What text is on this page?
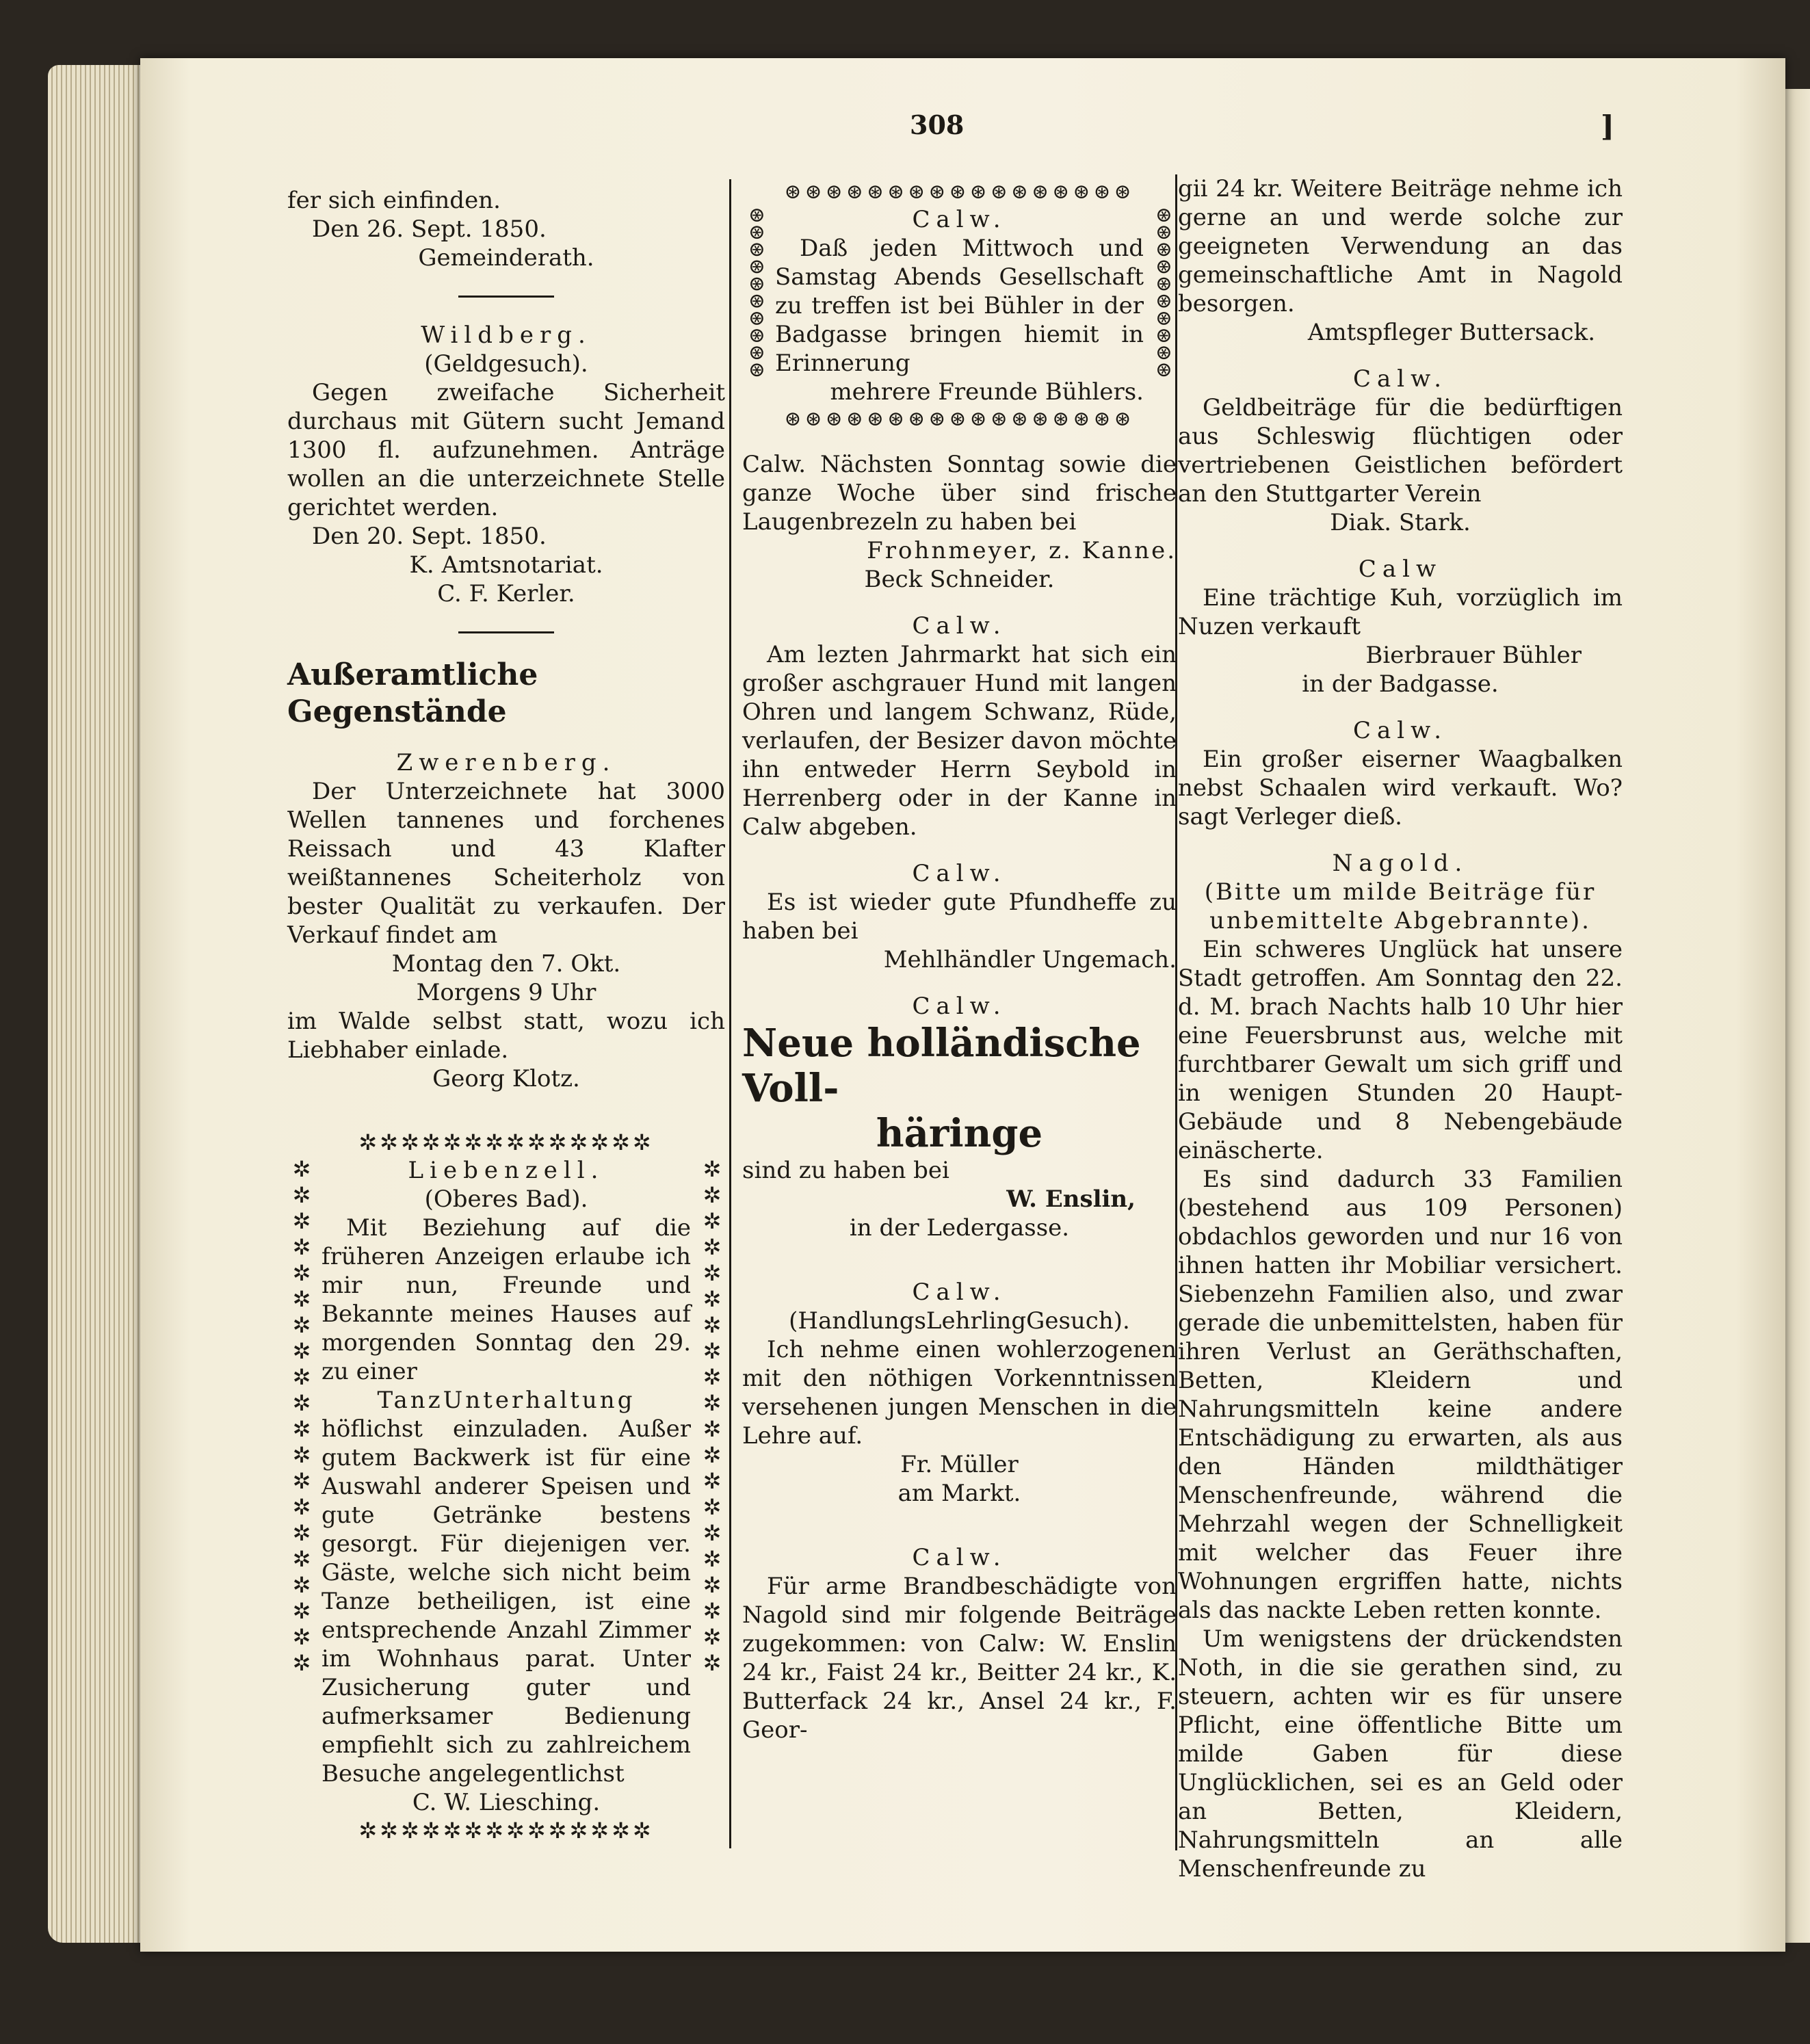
308	]

fer sich einfinden.

Den 26. Sept. 1850.

Gemeinderath.

Wildberg.

(Geldgesuch).

Gegen zweifache Sicherheit durchaus mit Gütern sucht Jemand 1300 fl. aufzunehmen. Anträge wollen an die unterzeichnete Stelle gerichtet werden.

Den 20. Sept. 1850.

K. Amtsnotariat.

C. F. Kerler.

Außeramtliche Gegenstände

Zwerenberg.

Der Unterzeichnete hat 3000 Wellen tannenes und forchenes Reissach und 43 Klafter weißtannenes Scheiterholz von bester Qualität zu verkaufen. Der Verkauf findet am

Montag den 7. Okt.

Morgens 9 Uhr

im Walde selbst statt, wozu ich Liebhaber einlade.

Georg Klotz.

✲✲✲✲✲✲✲✲✲✲✲✲✲✲
✲✲✲✲✲✲✲✲✲✲✲✲✲✲✲✲✲✲✲✲	✲✲✲✲✲✲✲✲✲✲✲✲✲✲✲✲✲✲✲✲

Liebenzell.

(Oberes Bad).

Mit Beziehung auf die früheren Anzeigen erlaube ich mir nun, Freunde und Bekannte meines Hauses auf morgenden Sonntag den 29. zu einer

TanzUnterhaltung

höflichst einzuladen. Außer gutem Backwerk ist für eine Auswahl anderer Speisen und gute Getränke bestens gesorgt. Für diejenigen ver. Gäste, welche sich nicht beim Tanze betheiligen, ist eine entsprechende Anzahl Zimmer im Wohnhaus parat. Unter Zusicherung guter und aufmerksamer Bedienung empfiehlt sich zu zahlreichem Besuche angelegentlichst

C. W. Liesching.

✲✲✲✲✲✲✲✲✲✲✲✲✲✲
⊛⊛⊛⊛⊛⊛⊛⊛⊛⊛⊛⊛⊛⊛⊛⊛⊛
⊛⊛⊛⊛⊛⊛⊛⊛⊛⊛	⊛⊛⊛⊛⊛⊛⊛⊛⊛⊛

Calw.

Daß jeden Mittwoch und Samstag Abends Gesellschaft zu treffen ist bei Bühler in der Badgasse bringen hiemit in Erinnerung

mehrere Freunde Bühlers.

⊛⊛⊛⊛⊛⊛⊛⊛⊛⊛⊛⊛⊛⊛⊛⊛⊛

Calw. Nächsten Sonntag sowie die ganze Woche über sind frische Laugenbrezeln zu haben bei

Frohnmeyer, z. Kanne.

Beck Schneider.

Calw.

Am lezten Jahrmarkt hat sich ein großer aschgrauer Hund mit langen Ohren und langem Schwanz, Rüde, verlaufen, der Besizer davon möchte ihn entweder Herrn Seybold in Herrenberg oder in der Kanne in Calw abgeben.

Calw.

Es ist wieder gute Pfundheffe zu haben bei

Mehlhändler Ungemach.

Calw.

Neue holländische Voll-

häringe

sind zu haben bei

W. Enslin,

in der Ledergasse.

Calw.

(HandlungsLehrlingGesuch).

Ich nehme einen wohlerzogenen mit den nöthigen Vorkenntnissen versehenen jungen Menschen in die Lehre auf.

Fr. Müller

am Markt.

Calw.

Für arme Brandbeschädigte von Nagold sind mir folgende Beiträge zugekommen: von Calw: W. Enslin 24 kr., Faist 24 kr., Beitter 24 kr., K. Butterfack 24 kr., Ansel 24 kr., F. Geor-

gii 24 kr. Weitere Beiträge nehme ich gerne an und werde solche zur geeigneten Verwendung an das gemeinschaftliche Amt in Nagold besorgen.

Amtspfleger Buttersack.

Calw.

Geldbeiträge für die bedürftigen aus Schleswig flüchtigen oder vertriebenen Geistlichen befördert an den Stuttgarter Verein

Diak. Stark.

Calw

Eine trächtige Kuh, vorzüglich im Nuzen verkauft

Bierbrauer Bühler

in der Badgasse.

Calw.

Ein großer eiserner Waagbalken nebst Schaalen wird verkauft. Wo? sagt Verleger dieß.

Nagold.

(Bitte um milde Beiträge für unbemittelte Abgebrannte).

Ein schweres Unglück hat unsere Stadt getroffen. Am Sonntag den 22. d. M. brach Nachts halb 10 Uhr hier eine Feuersbrunst aus, welche mit furchtbarer Gewalt um sich griff und in wenigen Stunden 20 Haupt-Gebäude und 8 Nebengebäude einäscherte.

Es sind dadurch 33 Familien (bestehend aus 109 Personen) obdachlos geworden und nur 16 von ihnen hatten ihr Mobiliar versichert. Siebenzehn Familien also, und zwar gerade die unbemittelsten, haben für ihren Verlust an Geräthschaften, Betten, Kleidern und Nahrungsmitteln keine andere Entschädigung zu erwarten, als aus den Händen mildthätiger Menschenfreunde, während die Mehrzahl wegen der Schnelligkeit mit welcher das Feuer ihre Wohnungen ergriffen hatte, nichts als das nackte Leben retten konnte.

Um wenigstens der drückendsten Noth, in die sie gerathen sind, zu steuern, achten wir es für unsere Pflicht, eine öffentliche Bitte um milde Gaben für diese Unglücklichen, sei es an Geld oder an Betten, Kleidern, Nahrungsmitteln an alle Menschenfreunde zu
